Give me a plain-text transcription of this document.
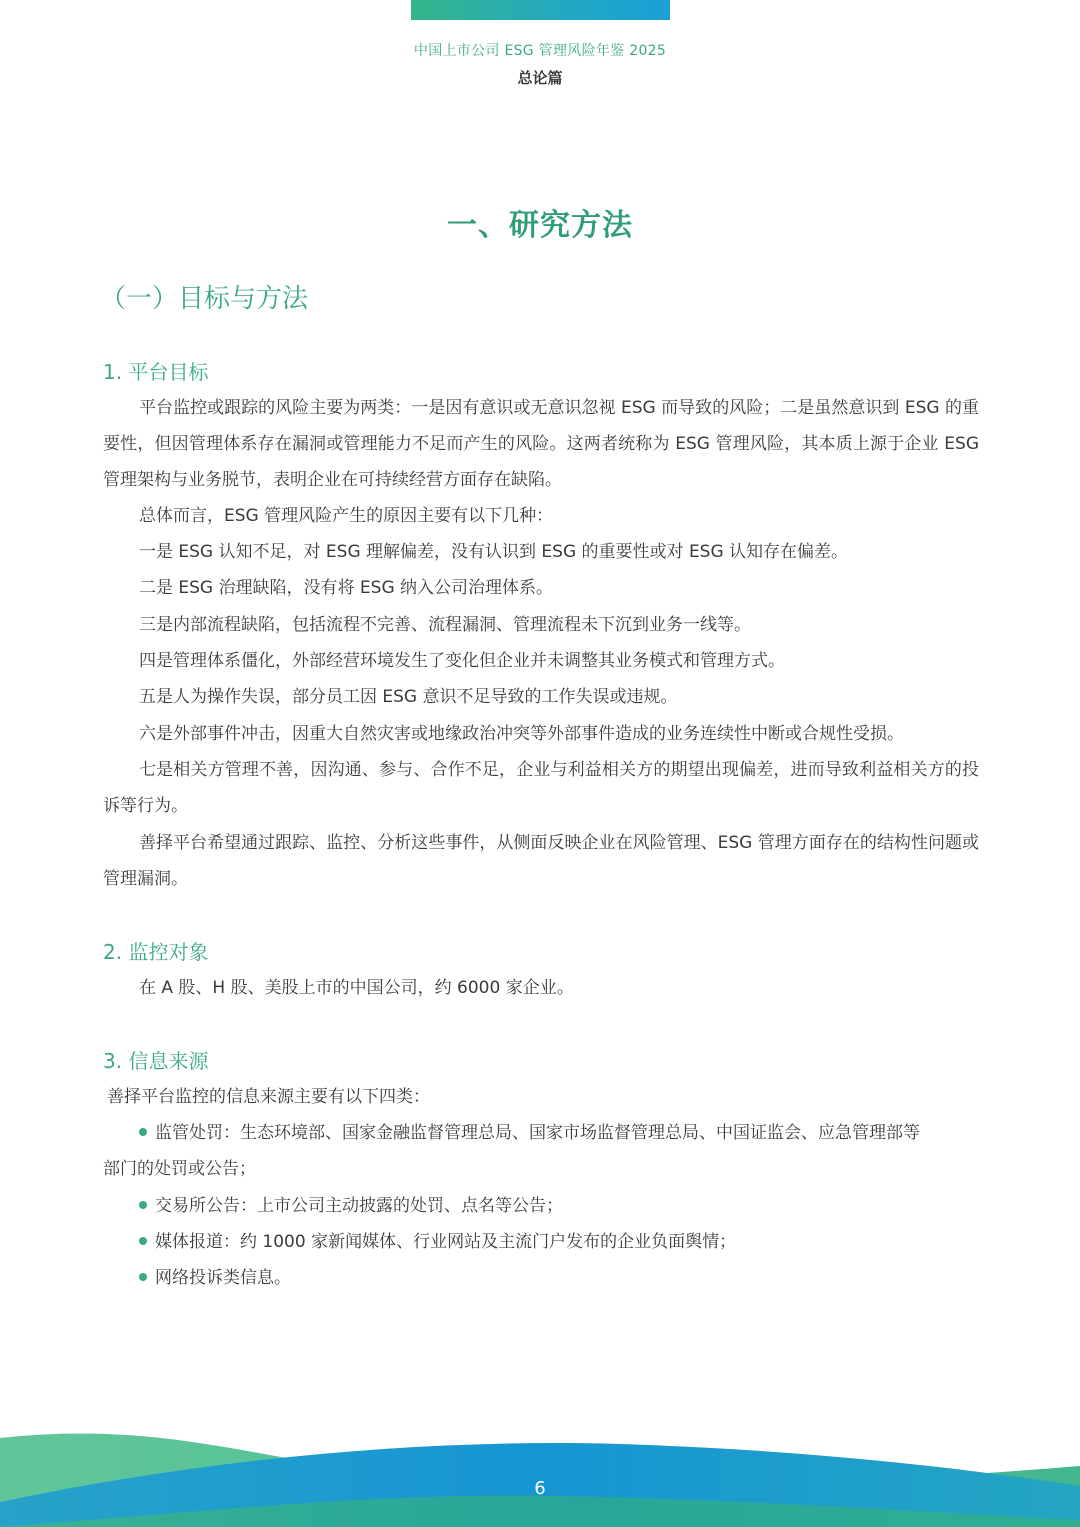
中国上市公司 ESG 管理风险年鉴 2025
总论篇
一、研究方法
（一）目标与方法
1. 平台目标

平台监控或跟踪的风险主要为两类：一是因有意识或无意识忽视 ESG 而导致的风险；二是虽然意识到 ESG 的重要性，但因管理体系存在漏洞或管理能力不足而产生的风险。这两者统称为 ESG 管理风险，其本质上源于企业 ESG 管理架构与业务脱节，表明企业在可持续经营方面存在缺陷。

总体而言，ESG 管理风险产生的原因主要有以下几种：
一是 ESG 认知不足，对 ESG 理解偏差，没有认识到 ESG 的重要性或对 ESG 认知存在偏差。
二是 ESG 治理缺陷，没有将 ESG 纳入公司治理体系。
三是内部流程缺陷，包括流程不完善、流程漏洞、管理流程未下沉到业务一线等。
四是管理体系僵化，外部经营环境发生了变化但企业并未调整其业务模式和管理方式。
五是人为操作失误，部分员工因 ESG 意识不足导致的工作失误或违规。
六是外部事件冲击，因重大自然灾害或地缘政治冲突等外部事件造成的业务连续性中断或合规性受损。

七是相关方管理不善，因沟通、参与、合作不足，企业与利益相关方的期望出现偏差，进而导致利益相关方的投诉等行为。

善择平台希望通过跟踪、监控、分析这些事件，从侧面反映企业在风险管理、ESG 管理方面存在的结构性问题或管理漏洞。

2. 监控对象
在 A 股、H 股、美股上市的中国公司，约 6000 家企业。
3. 信息来源
善择平台监控的信息来源主要有以下四类：
监管处罚：生态环境部、国家金融监督管理总局、国家市场监督管理总局、中国证监会、应急管理部等
部门的处罚或公告；
交易所公告：上市公司主动披露的处罚、点名等公告；
媒体报道：约 1000 家新闻媒体、行业网站及主流门户发布的企业负面舆情；
网络投诉类信息。
6
